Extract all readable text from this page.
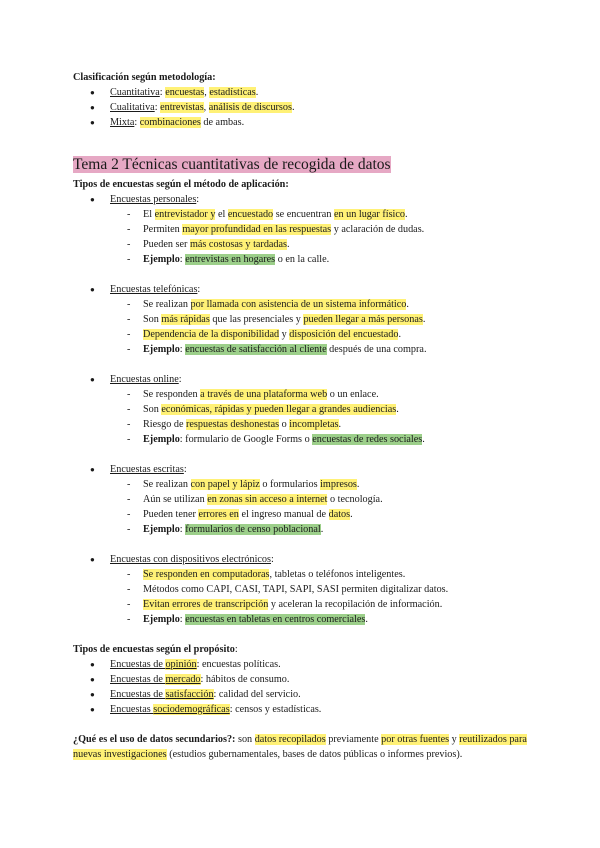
Clasificación según metodología:

● Cuantitativa: encuestas, estadísticas.
● Cualitativa: entrevistas, análisis de discursos.
● Mixta: combinaciones de ambas.

Tema 2 Técnicas cuantitativas de recogida de datos

Tipos de encuestas según el método de aplicación:

● Encuestas personales:
- El entrevistador y el encuestado se encuentran en un lugar físico.
- Permiten mayor profundidad en las respuestas y aclaración de dudas.
- Pueden ser más costosas y tardadas.
- Ejemplo: entrevistas en hogares o en la calle.
● Encuestas telefónicas:
- Se realizan por llamada con asistencia de un sistema informático.
- Son más rápidas que las presenciales y pueden llegar a más personas.
- Dependencia de la disponibilidad y disposición del encuestado.
- Ejemplo: encuestas de satisfacción al cliente después de una compra.
● Encuestas online:
- Se responden a través de una plataforma web o un enlace.
- Son económicas, rápidas y pueden llegar a grandes audiencias.
- Riesgo de respuestas deshonestas o incompletas.
- Ejemplo: formulario de Google Forms o encuestas de redes sociales.
● Encuestas escritas:
- Se realizan con papel y lápiz o formularios impresos.
- Aún se utilizan en zonas sin acceso a internet o tecnología.
- Pueden tener errores en el ingreso manual de datos.
- Ejemplo: formularios de censo poblacional.
● Encuestas con dispositivos electrónicos:
- Se responden en computadoras, tabletas o teléfonos inteligentes.
- Métodos como CAPI, CASI, TAPI, SAPI, SASI permiten digitalizar datos.
- Evitan errores de transcripción y aceleran la recopilación de información.
- Ejemplo: encuestas en tabletas en centros comerciales.

Tipos de encuestas según el propósito:

● Encuestas de opinión: encuestas políticas.
● Encuestas de mercado: hábitos de consumo.
● Encuestas de satisfacción: calidad del servicio.
● Encuestas sociodemográficas: censos y estadísticas.

¿Qué es el uso de datos secundarios?: son datos recopilados previamente por otras fuentes y reutilizados para nuevas investigaciones (estudios gubernamentales, bases de datos públicas o informes previos).
